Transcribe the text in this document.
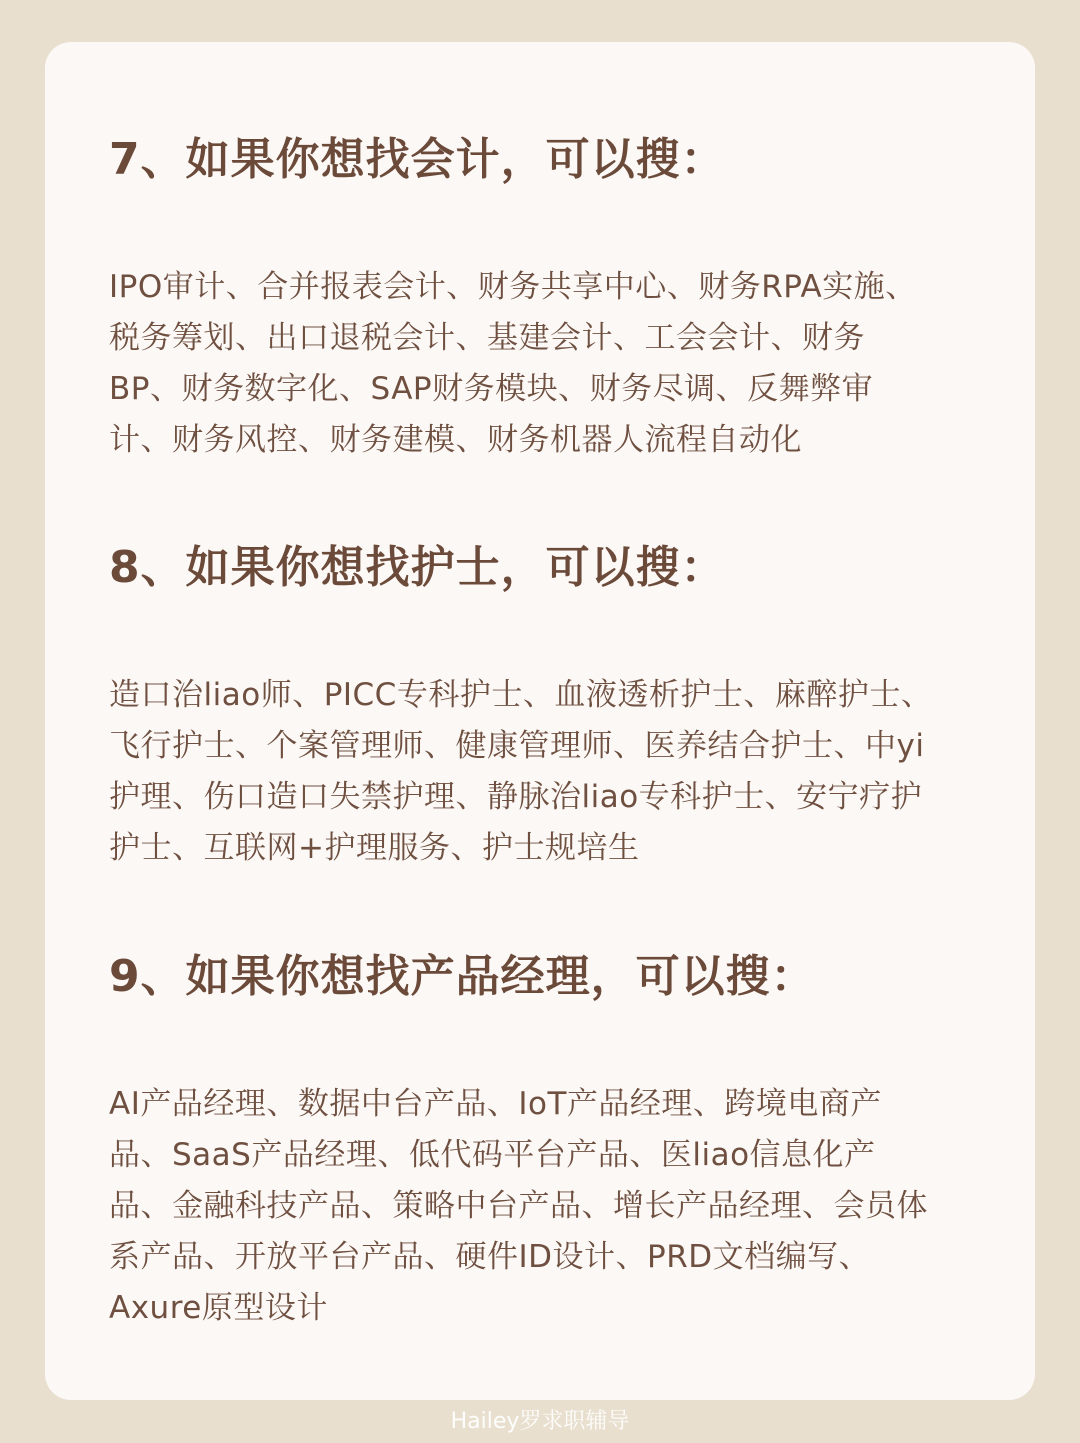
7、如果你想找会计，可以搜：

IPO审计、合并报表会计、财务共享中心、财务RPA实施、
税务筹划、出口退税会计、基建会计、工会会计、财务
BP、财务数字化、SAP财务模块、财务尽调、反舞弊审
计、财务风控、财务建模、财务机器人流程自动化

8、如果你想找护士，可以搜：

造口治liao师、PICC专科护士、血液透析护士、麻醉护士、
飞行护士、个案管理师、健康管理师、医养结合护士、中yi
护理、伤口造口失禁护理、静脉治liao专科护士、安宁疗护
护士、互联网+护理服务、护士规培生

9、如果你想找产品经理，可以搜：

AI产品经理、数据中台产品、IoT产品经理、跨境电商产
品、SaaS产品经理、低代码平台产品、医liao信息化产
品、金融科技产品、策略中台产品、增长产品经理、会员体
系产品、开放平台产品、硬件ID设计、PRD文档编写、
Axure原型设计

Hailey罗求职辅导
